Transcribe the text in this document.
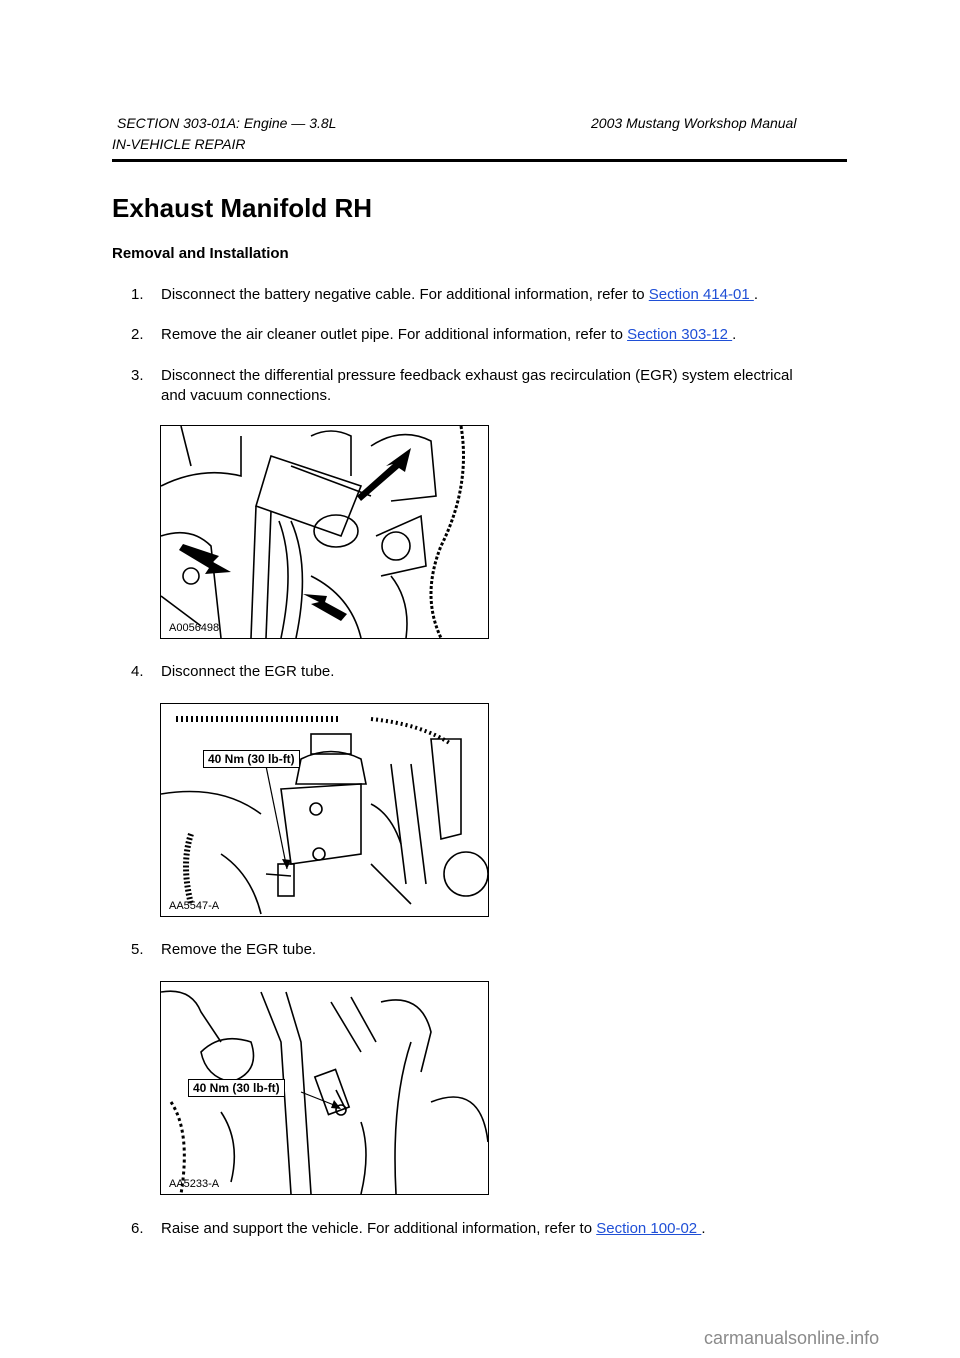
SECTION 303-01A: Engine — 3.8L	2003 Mustang Workshop Manual
IN-VEHICLE REPAIR
Exhaust Manifold RH
Removal and Installation
1.	Disconnect the battery negative cable. For additional information, refer to Section 414-01 .
2.	Remove the air cleaner outlet pipe. For additional information, refer to Section 303-12 .
3.	Disconnect the differential pressure feedback exhaust gas recirculation (EGR) system electrical
and vacuum connections.
A0056498
4.	Disconnect the EGR tube.
40 Nm (30 lb-ft)
AA5547-A
5.	Remove the EGR tube.
40 Nm (30 lb-ft)
AA5233-A
6.	Raise and support the vehicle. For additional information, refer to Section 100-02 .
carmanualsonline.info
